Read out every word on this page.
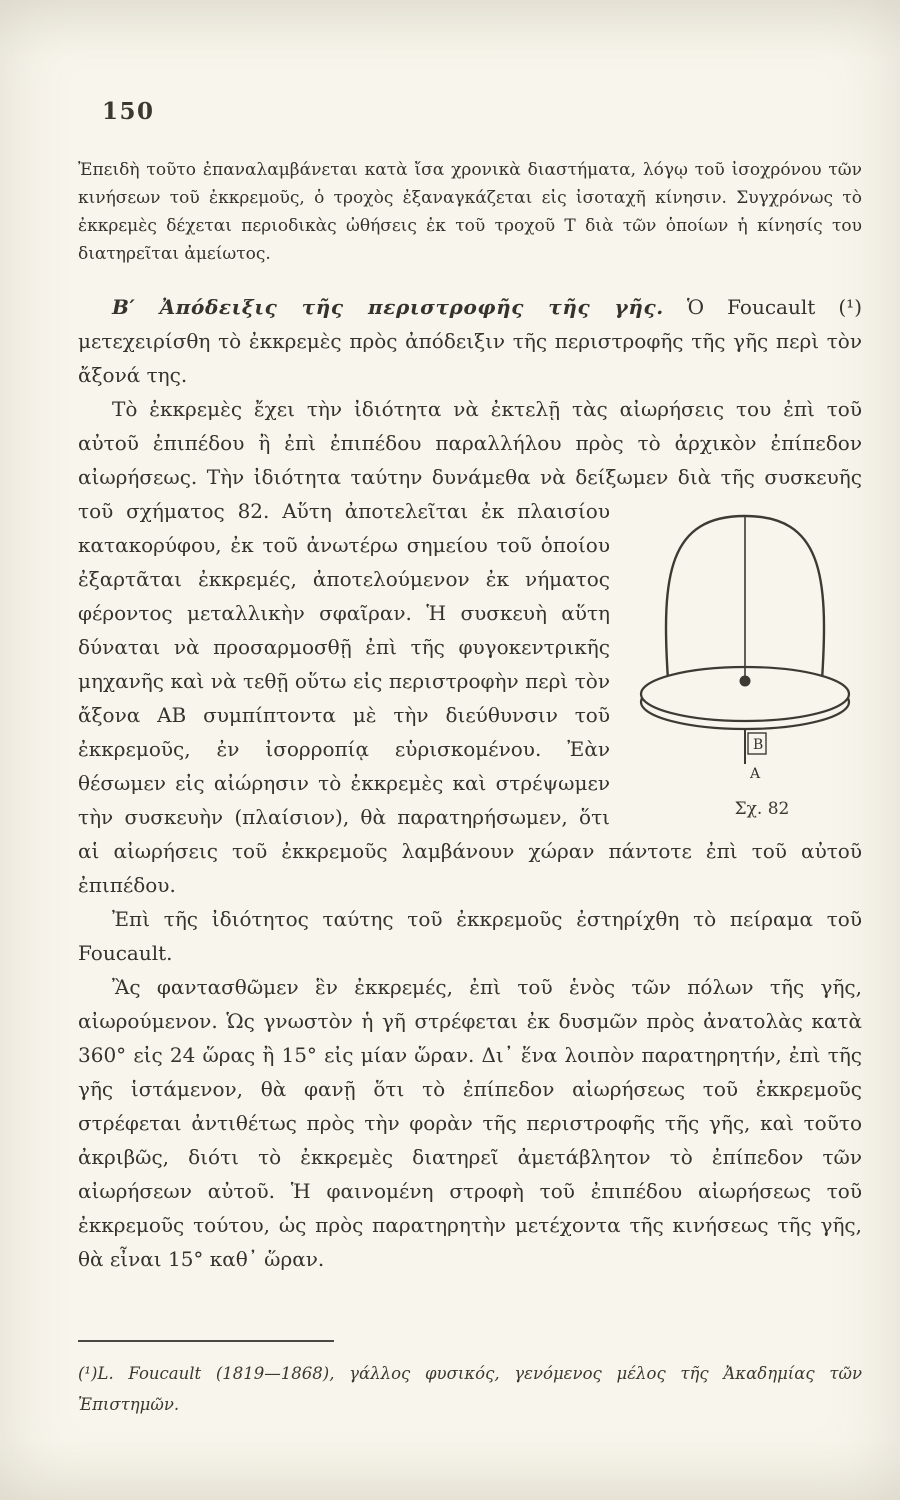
150

Ἐπειδὴ τοῦτο ἐπαναλαμβάνεται κατὰ ἴσα χρονικὰ διαστήματα, λόγῳ τοῦ ἰσοχρόνου τῶν κινήσεων τοῦ ἐκκρεμοῦς, ὁ τροχὸς ἐξαναγκάζεται εἰς ἰσοταχῆ κίνησιν. Συγχρόνως τὸ ἐκκρεμὲς δέχεται περιοδικὰς ὠθήσεις ἐκ τοῦ τροχοῦ Τ διὰ τῶν ὁποίων ἡ κίνησίς του διατηρεῖται ἀμείωτος.

Β′ Ἀπόδειξις τῆς περιστροφῆς τῆς γῆς. Ὁ Foucault (¹) μετεχειρίσθη τὸ ἐκκρεμὲς πρὸς ἀπόδειξιν τῆς περιστροφῆς τῆς γῆς περὶ τὸν ἄξονά της.

Τὸ ἐκκρεμὲς ἔχει τὴν ἰδιότητα νὰ ἐκτελῇ τὰς αἰωρήσεις του ἐπὶ τοῦ αὐτοῦ ἐπιπέδου ἢ ἐπὶ ἐπιπέδου παραλλήλου πρὸς τὸ ἀρχικὸν ἐπίπεδον αἰωρήσεως. Τὴν ἰδιότητα ταύτην δυνάμεθα νὰ δείξωμεν διὰ τῆς συσκευῆς τοῦ σχήματος 82. Αὕτη
B
A
Σχ. 82
ἀποτελεῖται ἐκ πλαισίου κατακορύφου, ἐκ τοῦ ἀνωτέρω σημείου τοῦ ὁποίου ἐξαρτᾶται ἐκκρεμές, ἀποτελούμενον ἐκ νήματος φέροντος μεταλλικὴν σφαῖραν. Ἡ συσκευὴ αὕτη δύναται νὰ προσαρμοσθῇ ἐπὶ τῆς φυγοκεντρικῆς μηχανῆς καὶ νὰ τεθῇ οὕτω εἰς περιστροφὴν περὶ τὸν ἄξονα ΑΒ συμπίπτοντα μὲ τὴν διεύθυνσιν τοῦ ἐκκρεμοῦς, ἐν ἰσορροπίᾳ εὑρισκομένου. Ἐὰν θέσωμεν εἰς αἰώρησιν τὸ ἐκκρεμὲς καὶ στρέψωμεν τὴν συσκευὴν (πλαίσιον), θὰ παρατηρήσωμεν, ὅτι αἱ αἰωρήσεις τοῦ ἐκκρεμοῦς λαμβάνουν χώραν πάντοτε ἐπὶ τοῦ αὐτοῦ ἐπιπέδου.

Ἐπὶ τῆς ἰδιότητος ταύτης τοῦ ἐκκρεμοῦς ἐστηρίχθη τὸ πείραμα τοῦ Foucault.

Ἂς φαντασθῶμεν ἓν ἐκκρεμές, ἐπὶ τοῦ ἑνὸς τῶν πόλων τῆς γῆς, αἰωρούμενον. Ὡς γνωστὸν ἡ γῆ στρέφεται ἐκ δυσμῶν πρὸς ἀνατολὰς κατὰ 360° εἰς 24 ὥρας ἢ 15° εἰς μίαν ὥραν. Δι᾽ ἕνα λοιπὸν παρατηρητήν, ἐπὶ τῆς γῆς ἱστάμενον, θὰ φανῇ ὅτι τὸ ἐπίπεδον αἰωρήσεως τοῦ ἐκκρεμοῦς στρέφεται ἀντιθέτως πρὸς τὴν φορὰν τῆς περιστροφῆς τῆς γῆς, καὶ τοῦτο ἀκριβῶς, διότι τὸ ἐκκρεμὲς διατηρεῖ ἀμετάβλητον τὸ ἐπίπεδον τῶν αἰωρήσεων αὐτοῦ. Ἡ φαινομένη στροφὴ τοῦ ἐπιπέδου αἰωρήσεως τοῦ ἐκκρεμοῦς τούτου, ὡς πρὸς παρατηρητὴν μετέχοντα τῆς κινήσεως τῆς γῆς, θὰ εἶναι 15° καθ᾽ ὥραν.

(¹)L. Foucault (1819—1868), γάλλος φυσικός, γενόμενος μέλος τῆς Ἀκαδημίας τῶν Ἐπιστημῶν.
